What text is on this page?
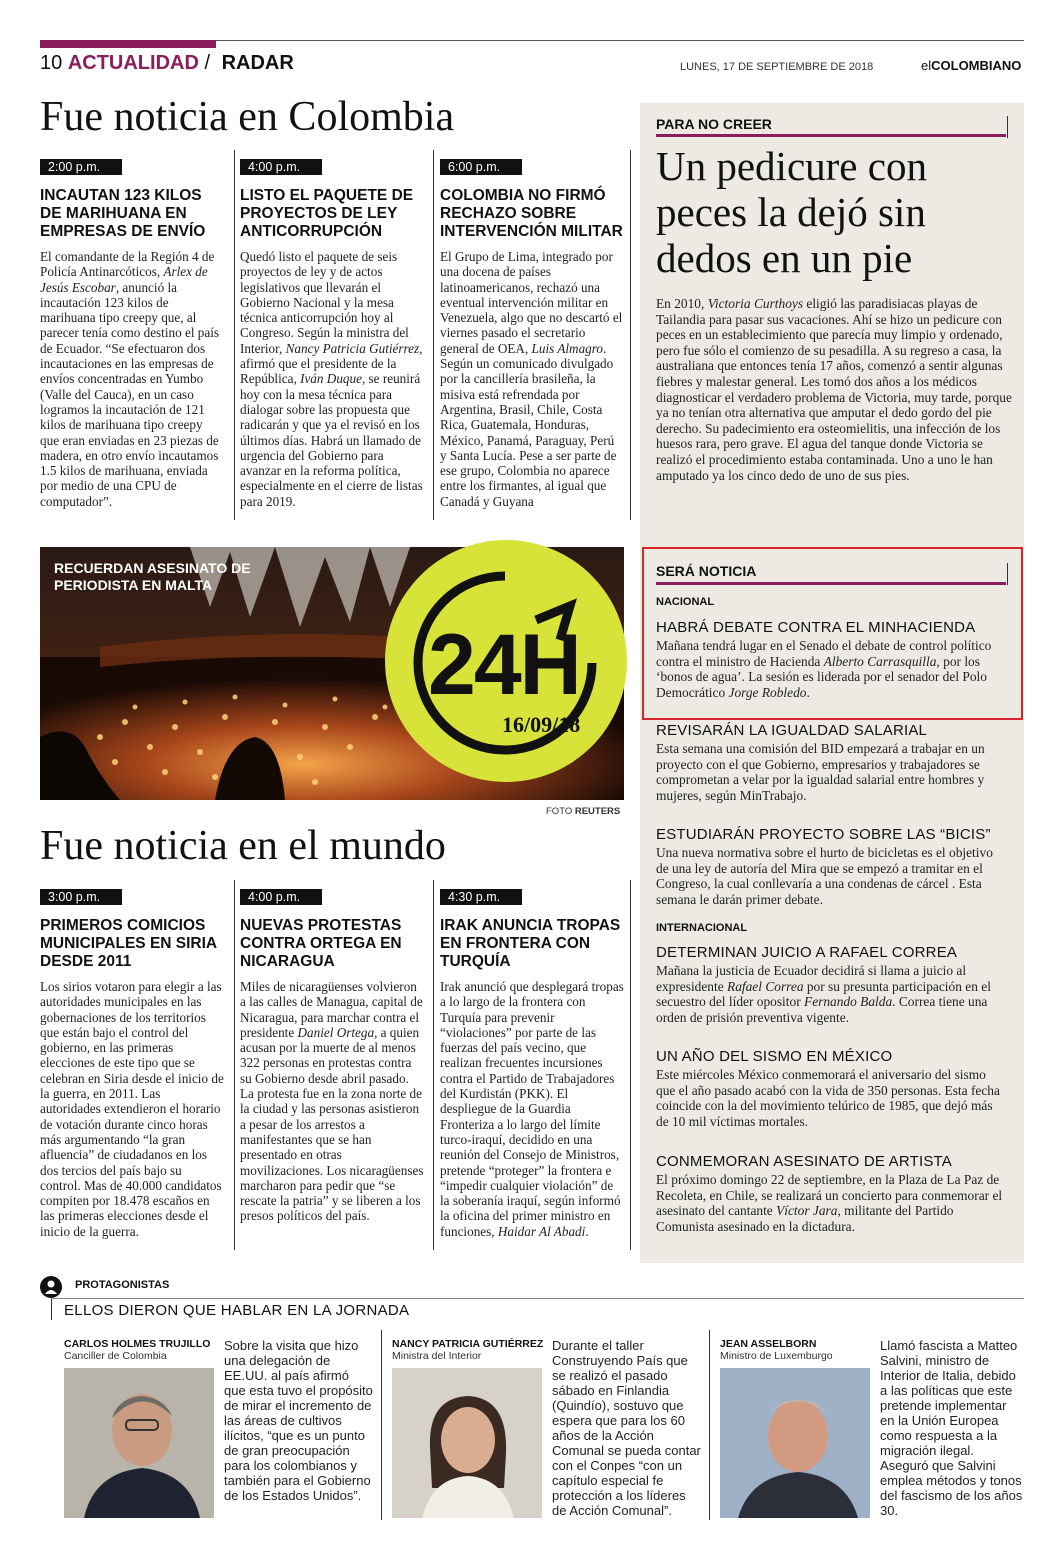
10 ACTUALIDAD / RADAR	LUNES, 17 DE SEPTIEMBRE DE 2018	elCOLOMBIANO
Fue noticia en Colombia
2:00 p.m.
INCAUTAN 123 KILOS DE MARIHUANA EN EMPRESAS DE ENVÍO
El comandante de la Región 4 de Policía Antinarcóticos, Arlex de Jesús Escobar, anunció la incautación 123 kilos de marihuana tipo creepy que, al parecer tenía como destino el país de Ecuador. “Se efectuaron dos incautaciones en las empresas de envíos concentradas en Yumbo (Valle del Cauca), en un caso logramos la incautación de 121 kilos de marihuana tipo creepy que eran enviadas en 23 piezas de madera, en otro envío incautamos 1.5 kilos de marihuana, enviada por medio de una CPU de computador”.
4:00 p.m.
LISTO EL PAQUETE DE PROYECTOS DE LEY ANTICORRUPCIÓN
Quedó listo el paquete de seis proyectos de ley y de actos legislativos que llevarán el Gobierno Nacional y la mesa técnica anticorrupción hoy al Congreso. Según la ministra del Interior, Nancy Patricia Gutiérrez, afirmó que el presidente de la República, Iván Duque, se reunirá hoy con la mesa técnica para dialogar sobre las propuesta que radicarán y que ya el revisó en los últimos días. Habrá un llamado de urgencia del Gobierno para avanzar en la reforma política, especialmente en el cierre de listas para 2019.
6:00 p.m.
COLOMBIA NO FIRMÓ RECHAZO SOBRE INTERVENCIÓN MILITAR
El Grupo de Lima, integrado por una docena de países latinoamericanos, rechazó una eventual intervención militar en Venezuela, algo que no descartó el viernes pasado el secretario general de OEA, Luis Almagro. Según un comunicado divulgado por la cancillería brasileña, la misiva está refrendada por Argentina, Brasil, Chile, Costa Rica, Guatemala, Honduras, México, Panamá, Paraguay, Perú y Santa Lucía. Pese a ser parte de ese grupo, Colombia no aparece entre los firmantes, al igual que Canadá y Guyana
PARA NO CREER
Un pedicure con peces la dejó sin dedos en un pie
En 2010, Victoria Curthoys eligió las paradisiacas playas de Tailandia para pasar sus vacaciones. Ahí se hizo un pedicure con peces en un establecimiento que parecía muy limpio y ordenado, pero fue sólo el comienzo de su pesadilla. A su regreso a casa, la australiana que entonces tenía 17 años, comenzó a sentir algunas fiebres y malestar general. Les tomó dos años a los médicos diagnosticar el verdadero problema de Victoria, muy tarde, porque ya no tenían otra alternativa que amputar el dedo gordo del pie derecho. Su padecimiento era osteomielitis, una infección de los huesos rara, pero grave. El agua del tanque donde Victoria se realizó el procedimiento estaba contaminada. Uno a uno le han amputado ya los cinco dedo de uno de sus pies.
RECUERDAN ASESINATO DE PERIODISTA EN MALTA
24H
16/09/18
FOTO REUTERS
SERÁ NOTICIA
NACIONAL
HABRÁ DEBATE CONTRA EL MINHACIENDA
Mañana tendrá lugar en el Senado el debate de control político contra el ministro de Hacienda Alberto Carrasquilla, por los ‘bonos de agua’. La sesión es liderada por el senador del Polo Democrático Jorge Robledo.
REVISARÁN LA IGUALDAD SALARIAL
Esta semana una comisión del BID empezará a trabajar en un proyecto con el que Gobierno, empresarios y trabajadores se comprometan a velar por la igualdad salarial entre hombres y mujeres, según MinTrabajo.
ESTUDIARÁN PROYECTO SOBRE LAS “BICIS”
Una nueva normativa sobre el hurto de bicicletas es el objetivo de una ley de autoría del Mira que se empezó a tramitar en el Congreso, la cual conllevaría a una condenas de cárcel . Esta semana le darán primer debate.
INTERNACIONAL
DETERMINAN JUICIO A RAFAEL CORREA
Mañana la justicia de Ecuador decidirá si llama a juicio al expresidente Rafael Correa por su presunta participación en el secuestro del líder opositor Fernando Balda. Correa tiene una orden de prisión preventiva vigente.
UN AÑO DEL SISMO EN MÉXICO
Este miércoles México conmemorará el aniversario del sismo que el año pasado acabó con la vida de 350 personas. Esta fecha coincide con la del movimiento telúrico de 1985, que dejó más de 10 mil víctimas mortales.
CONMEMORAN ASESINATO DE ARTISTA
El próximo domingo 22 de septiembre, en la Plaza de La Paz de Recoleta, en Chile, se realizará un concierto para conmemorar el asesinato del cantante Víctor Jara, militante del Partido Comunista asesinado en la dictadura.
Fue noticia en el mundo
3:00 p.m.
PRIMEROS COMICIOS MUNICIPALES EN SIRIA DESDE 2011
Los sirios votaron para elegir a las autoridades municipales en las gobernaciones de los territorios que están bajo el control del gobierno, en las primeras elecciones de este tipo que se celebran en Siria desde el inicio de la guerra, en 2011. Las autoridades extendieron el horario de votación durante cinco horas más argumentando “la gran afluencia” de ciudadanos en los dos tercios del país bajo su control. Mas de 40.000 candidatos compiten por 18.478 escaños en las primeras elecciones desde el inicio de la guerra.
4:00 p.m.
NUEVAS PROTESTAS CONTRA ORTEGA EN NICARAGUA
Miles de nicaragüenses volvieron a las calles de Managua, capital de Nicaragua, para marchar contra el presidente Daniel Ortega, a quien acusan por la muerte de al menos 322 personas en protestas contra su Gobierno desde abril pasado. La protesta fue en la zona norte de la ciudad y las personas asistieron a pesar de los arrestos a manifestantes que se han presentado en otras movilizaciones. Los nicaragüenses marcharon para pedir que “se rescate la patria” y se liberen a los presos políticos del país.
4:30 p.m.
IRAK ANUNCIA TROPAS EN FRONTERA CON TURQUÍA
Irak anunció que desplegará tropas a lo largo de la frontera con Turquía para prevenir “violaciones” por parte de las fuerzas del país vecino, que realizan frecuentes incursiones contra el Partido de Trabajadores del Kurdistán (PKK). El despliegue de la Guardia Fronteriza a lo largo del límite turco-iraquí, decidido en una reunión del Consejo de Ministros, pretende “proteger” la frontera e “impedir cualquier violación” de la soberanía iraquí, según informó la oficina del primer ministro en funciones, Haidar Al Abadi.
PROTAGONISTAS
ELLOS DIERON QUE HABLAR EN LA JORNADA
CARLOS HOLMES TRUJILLO
Canciller de Colombia
Sobre la visita que hizo una delegación de EE.UU. al país afirmó que esta tuvo el propósito de mirar el incremento de las áreas de cultivos ilícitos, “que es un punto de gran preocupación para los colombianos y también para el Gobierno de los Estados Unidos”.
NANCY PATRICIA GUTIÉRREZ
Ministra del Interior
Durante el taller Construyendo País que se realizó el pasado sábado en Finlandia (Quindío), sostuvo que espera que para los 60 años de la Acción Comunal se pueda contar con el Conpes “con un capítulo especial fe protección a los líderes de Acción Comunal”.
JEAN ASSELBORN
Ministro de Luxemburgo
Llamó fascista a Matteo Salvini, ministro de Interior de Italia, debido a las políticas que este pretende implementar en la Unión Europea como respuesta a la migración ilegal. Aseguró que Salvini emplea métodos y tonos del fascismo de los años 30.
